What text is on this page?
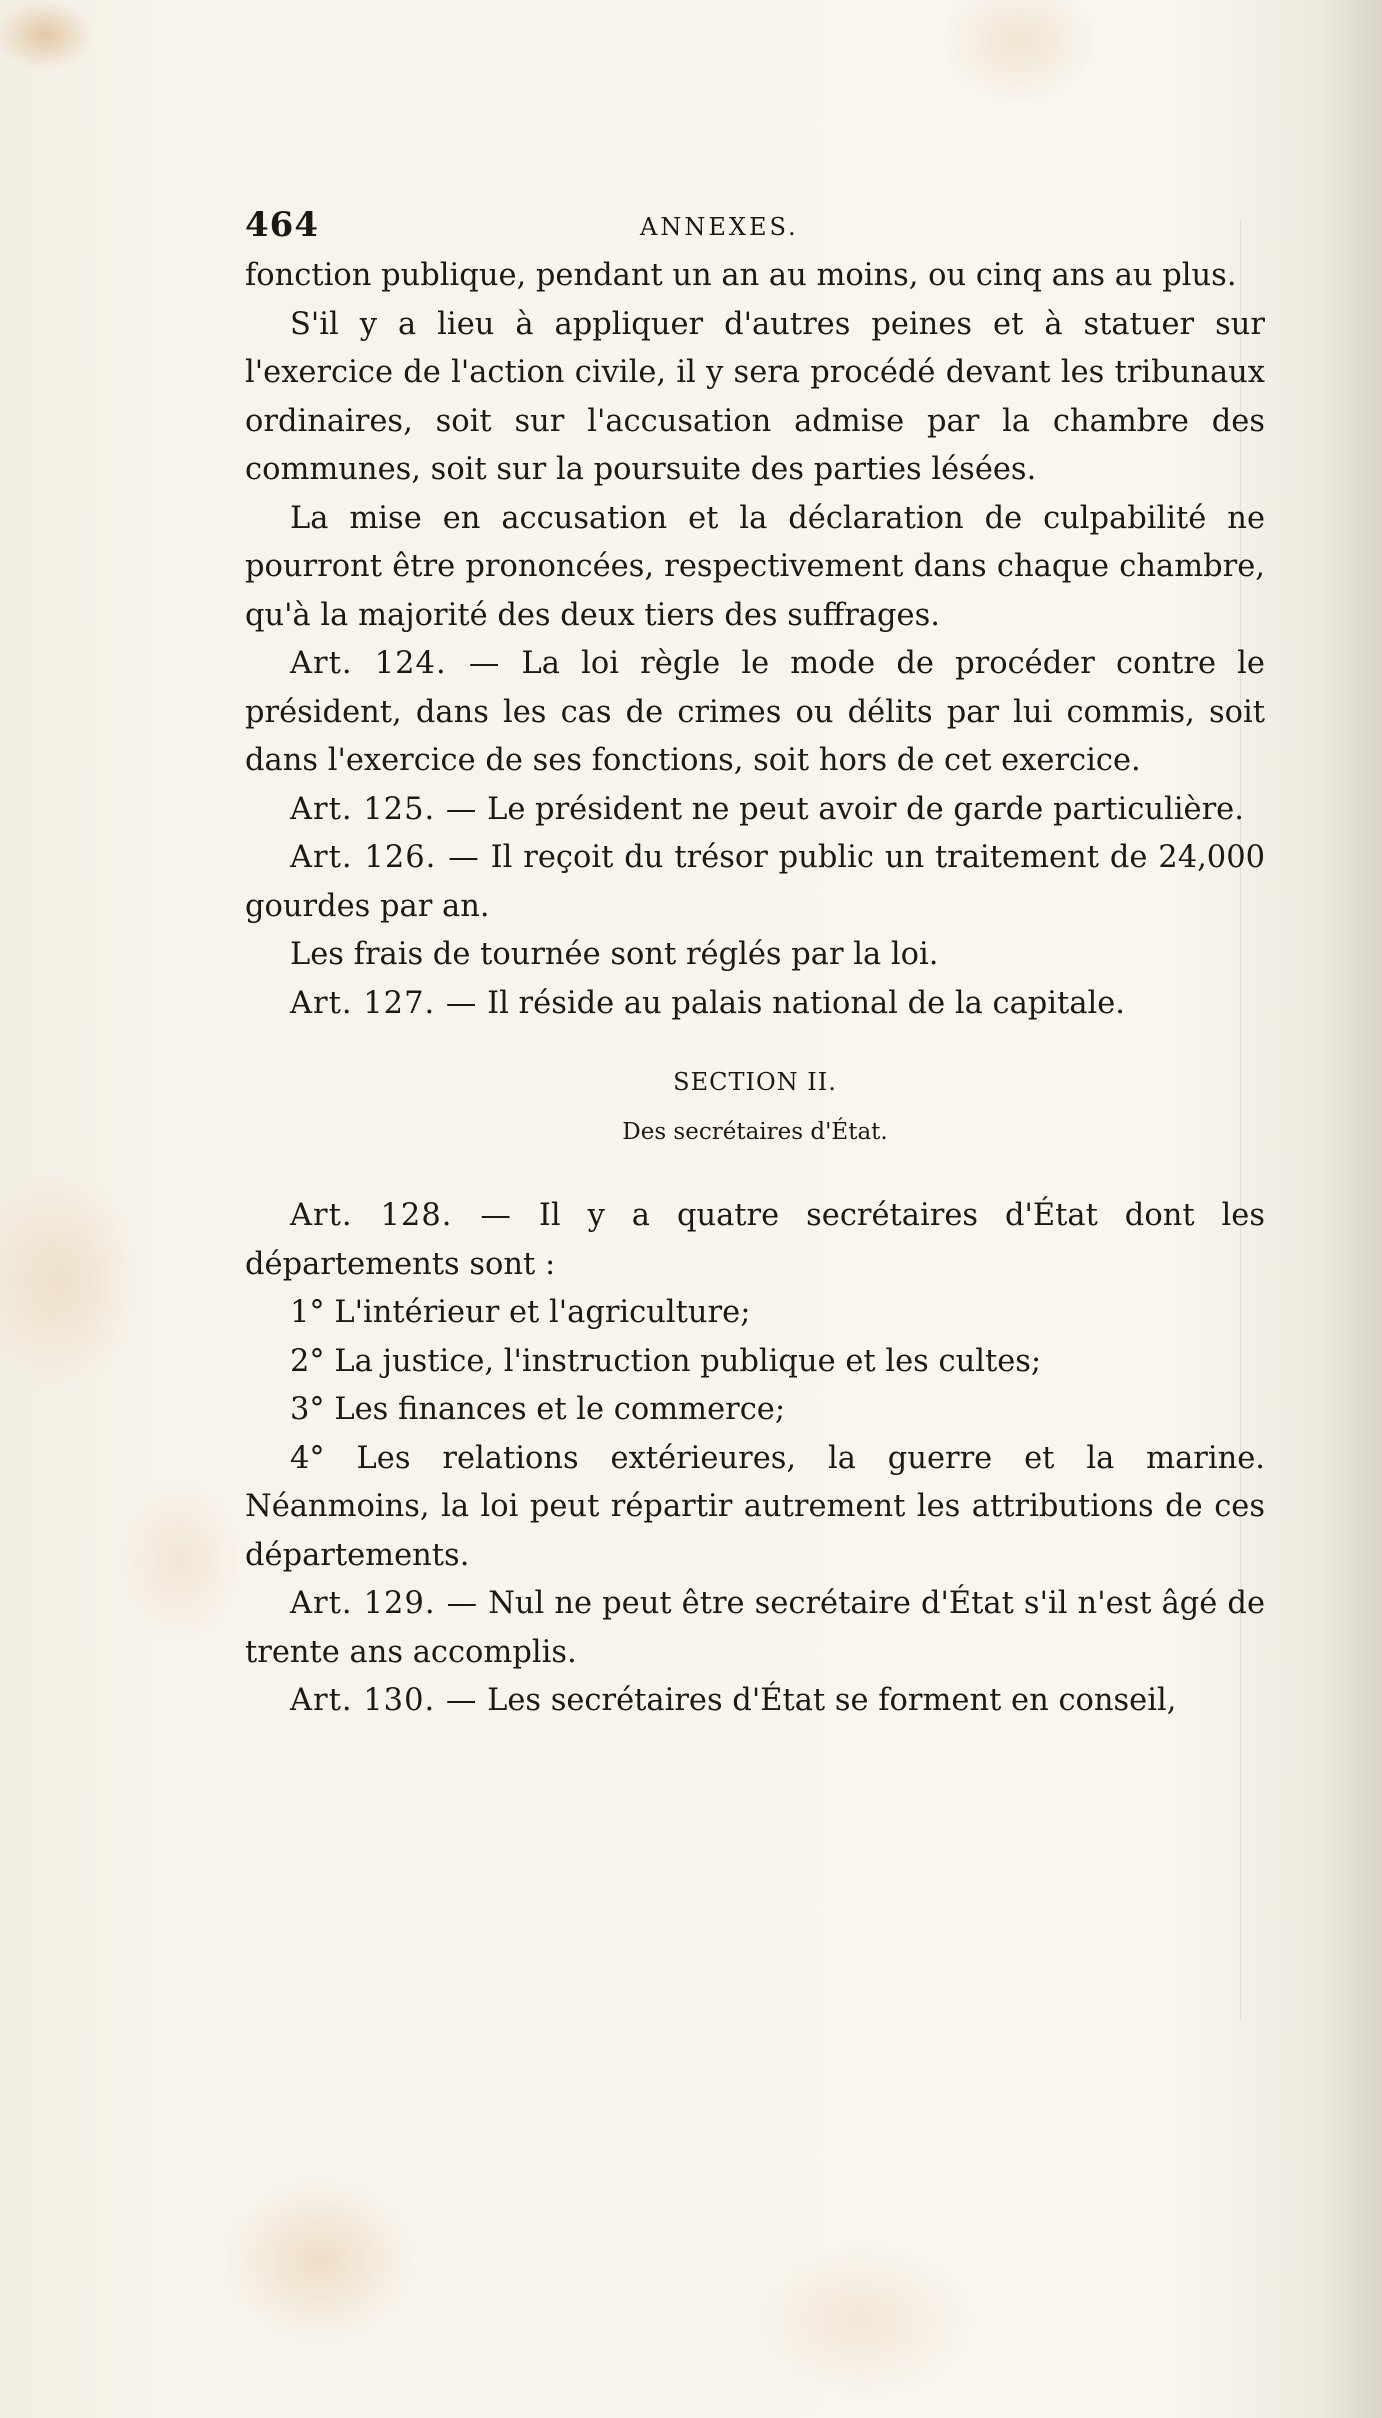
464	ANNEXES.

fonction publique, pendant un an au moins, ou cinq ans au plus.

S'il y a lieu à appliquer d'autres peines et à statuer sur l'exercice de l'action civile, il y sera procédé devant les tribunaux ordinaires, soit sur l'accusation admise par la chambre des communes, soit sur la poursuite des parties lésées.

La mise en accusation et la déclaration de culpabilité ne pourront être prononcées, respectivement dans chaque chambre, qu'à la majorité des deux tiers des suffrages.

Art. 124. — La loi règle le mode de procéder contre le président, dans les cas de crimes ou délits par lui commis, soit dans l'exercice de ses fonctions, soit hors de cet exercice.

Art. 125. — Le président ne peut avoir de garde particulière.

Art. 126. — Il reçoit du trésor public un traitement de 24,000 gourdes par an.

Les frais de tournée sont réglés par la loi.

Art. 127. — Il réside au palais national de la capitale.

SECTION II.

Des secrétaires d'État.

Art. 128. — Il y a quatre secrétaires d'État dont les départements sont :

1° L'intérieur et l'agriculture;

2° La justice, l'instruction publique et les cultes;

3° Les finances et le commerce;

4° Les relations extérieures, la guerre et la marine. Néanmoins, la loi peut répartir autrement les attributions de ces départements.

Art. 129. — Nul ne peut être secrétaire d'État s'il n'est âgé de trente ans accomplis.

Art. 130. — Les secrétaires d'État se forment en conseil,
